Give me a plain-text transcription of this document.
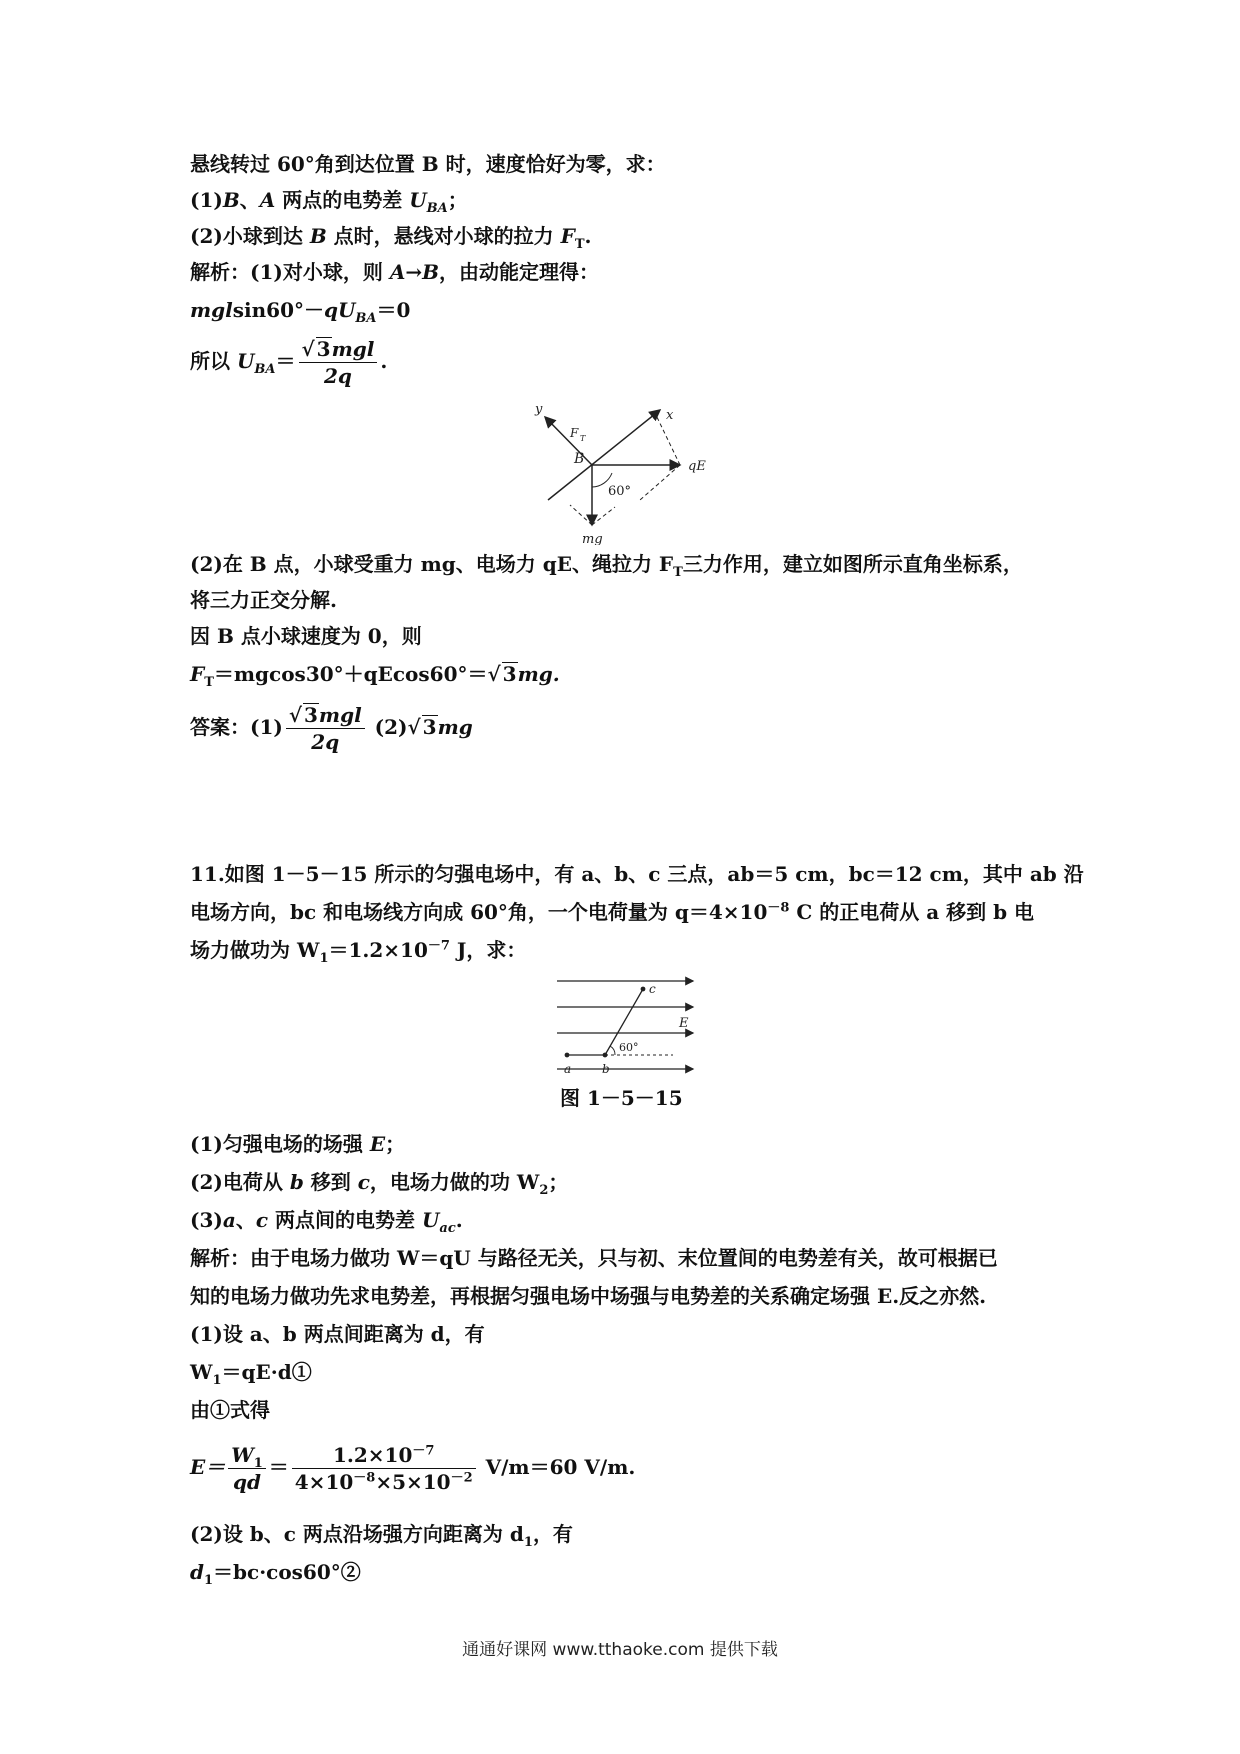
悬线转过 60°角到达位置 B 时，速度恰好为零，求：
(1)B、A 两点的电势差 $U_{BA}$；
(2)小球到达 B 点时，悬线对小球的拉力 $F_T$.
解析：(1)对小球，则 A→B，由动能定理得：
$mglsin60^\circ-qU_{BA}=0$
所以 $U_{BA}= \frac{\text{√ 3mgl}}{2q}$ .
y	x
F T
B
60°
qE
mg
(2)在 B 点，小球受重力 mg、电场力 qE、绳拉力 $F_T$三力作用，建立如图所示直角坐标系，
将三力正交分解.
因 B 点小球速度为 0，则
$F_T=mgcos30^\circ+qEcos60^\circ=√$ 3mg.
答案：$(1) \frac{\text{√ 3mgl}}{2q} (2)√$ 3mg
11.如图 1－5－15 所示的匀强电场中，有 a、b、c 三点，ab＝5 cm，bc＝12 cm，其中 ab 沿
电场方向，bc 和电场线方向成 60°角，一个电荷量为 $q=4\times 10^{-8}$ C 的正电荷从 a 移到 b 电
场力做功为 $W_1=1.2\times 10^{-7}$ J，求：
c
E
60°
a	b
图 1－5－15
(1)匀强电场的场强 E；
(2)电荷从 b 移到 c，电场力做的功 $W_2$；
(3)a、c 两点间的电势差 $U_{ac}$.
解析：由于电场力做功 W＝qU 与路径无关，只与初、末位置间的电势差有关，故可根据已
知的电场力做功先求电势差，再根据匀强电场中场强与电势差的关系确定场强 E.反之亦然.
(1)设 a、b 两点间距离为 d，有
$W_1=qE\cdot d①$
由①式得
$E= \frac{W_1}{qd} = \frac{1.2\times 10^{-7}}{4\times 10^{-8}\times 5\times 10^{-2}} V/m=60$ V/m.
(2)设 b、c 两点沿场强方向距离为 $d_1$，有
$d_1=bc\cdot\cos 60^\circ ②$
通通好课网 www.tthaoke.com 提供下载
